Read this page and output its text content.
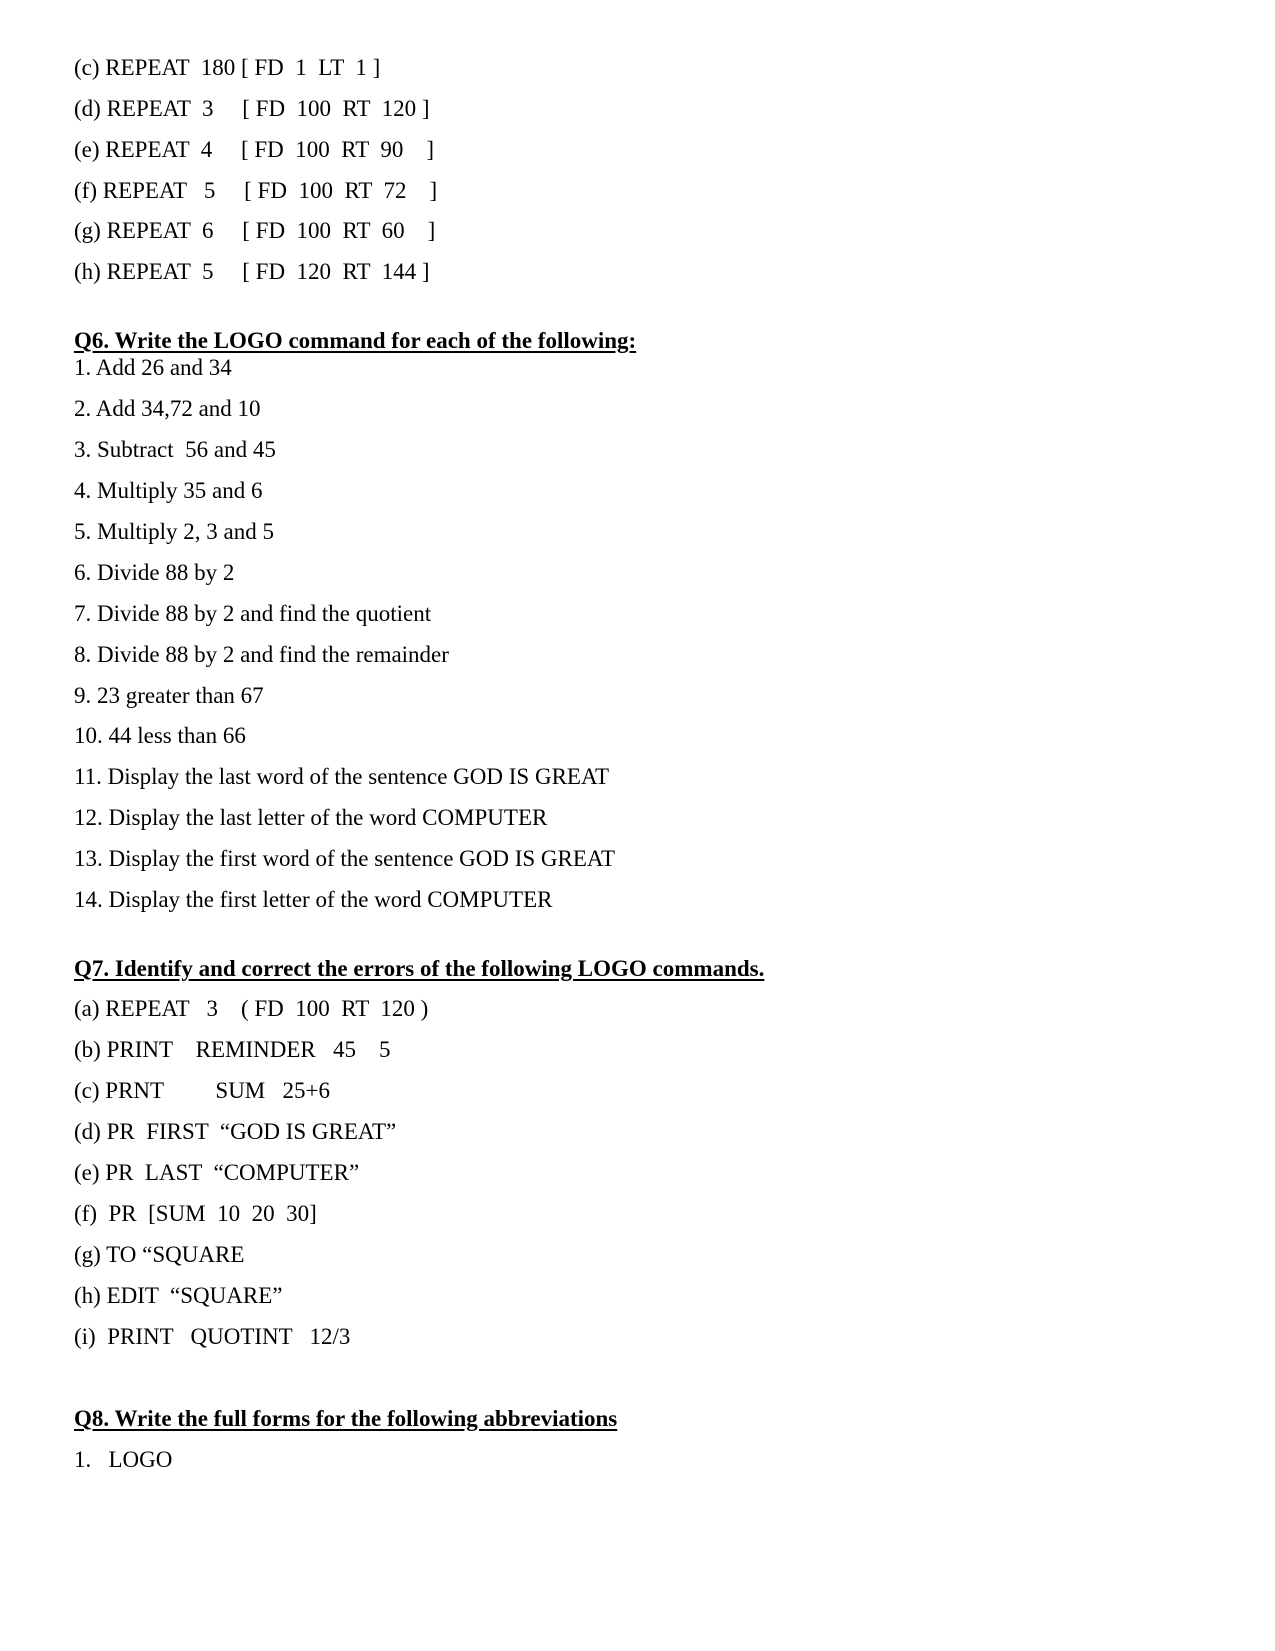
(c) REPEAT  180 [ FD  1  LT  1 ]
(d) REPEAT  3     [ FD  100  RT  120 ]
(e) REPEAT  4     [ FD  100  RT  90    ]
(f) REPEAT   5     [ FD  100  RT  72    ]
(g) REPEAT  6     [ FD  100  RT  60    ]
(h) REPEAT  5     [ FD  120  RT  144 ]
Q6. Write the LOGO command for each of the following:
1. Add 26 and 34
2. Add 34,72 and 10
3. Subtract  56 and 45
4. Multiply 35 and 6
5. Multiply 2, 3 and 5
6. Divide 88 by 2
7. Divide 88 by 2 and find the quotient
8. Divide 88 by 2 and find the remainder
9. 23 greater than 67
10. 44 less than 66
11. Display the last word of the sentence GOD IS GREAT
12. Display the last letter of the word COMPUTER
13. Display the first word of the sentence GOD IS GREAT
14. Display the first letter of the word COMPUTER
Q7. Identify and correct the errors of the following LOGO commands.
(a) REPEAT   3    ( FD  100  RT  120 )
(b) PRINT    REMINDER   45    5
(c) PRNT         SUM   25+6
(d) PR  FIRST  “GOD IS GREAT”
(e) PR  LAST  “COMPUTER”
(f)  PR  [SUM  10  20  30]
(g) TO “SQUARE
(h) EDIT  “SQUARE”
(i)  PRINT   QUOTINT   12/3
Q8. Write the full forms for the following abbreviations
1.   LOGO
